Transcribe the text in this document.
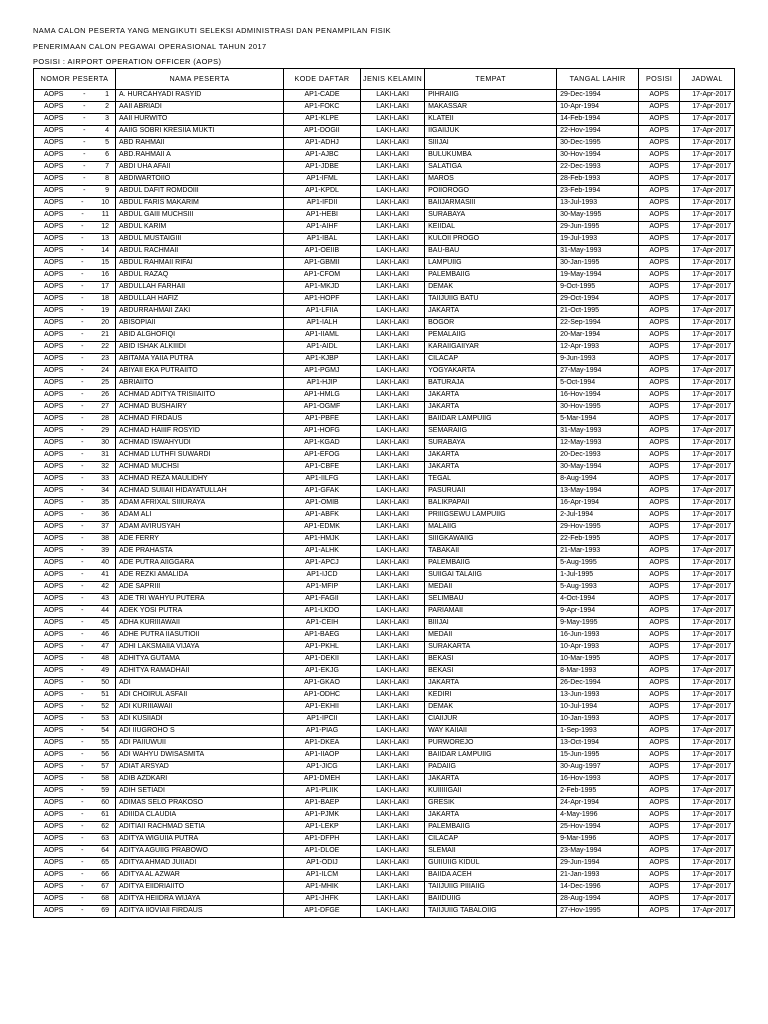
NAMA CALON PESERTA YANG MENGIKUTI SELEKSI ADMINISTRASI DAN PENAMPILAN FISIK
PENERIMAAN CALON PEGAWAI OPERASIONAL TAHUN 2017
POSISI : AIRPORT OPERATION OFFICER (AOPS)
NOMOR PESERTA	NAMA PESERTA	KODE DAFTAR	JENIS KELAMIN	TEMPAT	TANGAL LAHIR	POSISI	JADWAL

AOPS - 1	A. HURCAHYADI RASYID	AP1-CADE	LAKI-LAKI	PIHRAIIG	29-Dec-1994	AOPS	17-Apr-2017

AOPS - 2	AAII ABRIADI	AP1-FOKC	LAKI-LAKI	MAKASSAR	10-Apr-1994	AOPS	17-Apr-2017

AOPS - 3	AAII HURWITO	AP1-KLPE	LAKI-LAKI	KLATEII	14-Feb-1994	AOPS	17-Apr-2017

AOPS - 4	AAIIG SOBRI KRESIIA MUKTI	AP1-DOGII	LAKI-LAKI	IIGAIIJUK	22-Hov-1994	AOPS	17-Apr-2017

AOPS - 5	ABD RAHMAII	AP1-ADHJ	LAKI-LAKI	SIIIJAI	30-Dec-1995	AOPS	17-Apr-2017

AOPS - 6	ABD.RAHMAII A	AP1-AJBC	LAKI-LAKI	BULUKUMBA	30-Hov-1994	AOPS	17-Apr-2017

AOPS - 7	ABDI UHA AFAII	AP1-JDBE	LAKI-LAKI	SALATIGA	22-Dec-1993	AOPS	17-Apr-2017

AOPS - 8	ABDIWARTOIIO	AP1-IFML	LAKI-LAKI	MAROS	28-Feb-1993	AOPS	17-Apr-2017

AOPS - 9	ABDUL DAFIT ROMDOIII	AP1-KPDL	LAKI-LAKI	POIIOROGO	23-Feb-1994	AOPS	17-Apr-2017

AOPS - 10	ABDUL FARIS MAKARIM	AP1-IFDII	LAKI-LAKI	BAIIJARMASIII	13-Jul-1993	AOPS	17-Apr-2017

AOPS - 11	ABDUL GAIII MUCHSIII	AP1-HEBI	LAKI-LAKI	SURABAYA	30-May-1995	AOPS	17-Apr-2017

AOPS - 12	ABDUL KARIM	AP1-AIHF	LAKI-LAKI	KEIIDAL	29-Jun-1995	AOPS	17-Apr-2017

AOPS - 13	ABDUL MUSTAIGIII	AP1-IBAL	LAKI-LAKI	KULOII PROGO	19-Jul-1993	AOPS	17-Apr-2017

AOPS - 14	ABDUL RACHMAII	AP1-OEIIB	LAKI-LAKI	BAU-BAU	31-May-1993	AOPS	17-Apr-2017

AOPS - 15	ABDUL RAHMAII RIFAI	AP1-GBMII	LAKI-LAKI	LAMPUIIG	30-Jan-1995	AOPS	17-Apr-2017

AOPS - 16	ABDUL RAZAQ	AP1-CFOM	LAKI-LAKI	PALEMBAIIG	19-May-1994	AOPS	17-Apr-2017

AOPS - 17	ABDULLAH FARHAII	AP1-MKJD	LAKI-LAKI	DEMAK	9-Oct-1995	AOPS	17-Apr-2017

AOPS - 18	ABDULLAH HAFIZ	AP1-HOPF	LAKI-LAKI	TAIIJUIIG BATU	29-Oct-1994	AOPS	17-Apr-2017

AOPS - 19	ABDURRAHMAII ZAKI	AP1-LFIIA	LAKI-LAKI	JAKARTA	21-Oct-1995	AOPS	17-Apr-2017

AOPS - 20	ABISOPIAII	AP1-IALH	LAKI-LAKI	BOGOR	22-Sep-1994	AOPS	17-Apr-2017

AOPS - 21	ABID ALGHOFIQI	AP1-IIAML	LAKI-LAKI	PEMALAIIG	20-Mar-1994	AOPS	17-Apr-2017

AOPS - 22	ABID ISHAK ALKIIIDI	AP1-AIDL	LAKI-LAKI	KARAIIGAIIYAR	12-Apr-1993	AOPS	17-Apr-2017

AOPS - 23	ABITAMA YAIIA PUTRA	AP1-KJBP	LAKI-LAKI	CILACAP	9-Jun-1993	AOPS	17-Apr-2017

AOPS - 24	ABIYAII EKA PUTRAIITO	AP1-PGMJ	LAKI-LAKI	YOGYAKARTA	27-May-1994	AOPS	17-Apr-2017

AOPS - 25	ABRIAIITO	AP1-HJIP	LAKI-LAKI	BATURAJA	5-Oct-1994	AOPS	17-Apr-2017

AOPS - 26	ACHMAD ADITYA TRISIIAIITO	AP1-HMLG	LAKI-LAKI	JAKARTA	16-Hov-1994	AOPS	17-Apr-2017

AOPS - 27	ACHMAD BUSHAIRY	AP1-OGMF	LAKI-LAKI	JAKARTA	30-Hov-1995	AOPS	17-Apr-2017

AOPS - 28	ACHMAD FIRDAUS	AP1-PBFE	LAKI-LAKI	BAIIDAR LAMPUIIG	5-Mar-1994	AOPS	17-Apr-2017

AOPS - 29	ACHMAD HAIIIF ROSYID	AP1-HOFG	LAKI-LAKI	SEMARAIIG	31-May-1993	AOPS	17-Apr-2017

AOPS - 30	ACHMAD ISWAHYUDI	AP1-KGAD	LAKI-LAKI	SURABAYA	12-May-1993	AOPS	17-Apr-2017

AOPS - 31	ACHMAD LUTHFI SUWARDI	AP1-EFOG	LAKI-LAKI	JAKARTA	20-Dec-1993	AOPS	17-Apr-2017

AOPS - 32	ACHMAD MUCHSI	AP1-CBFE	LAKI-LAKI	JAKARTA	30-May-1994	AOPS	17-Apr-2017

AOPS - 33	ACHMAD REZA MAULIDHY	AP1-IILFG	LAKI-LAKI	TEGAL	8-Aug-1994	AOPS	17-Apr-2017

AOPS - 34	ACHMAD SUIIAII HIDAYATULLAH	AP1-GFAK	LAKI-LAKI	PASURUAII	13-May-1994	AOPS	17-Apr-2017

AOPS - 35	ADAM AFRIXAL SIIIURAYA	AP1-OMIB	LAKI-LAKI	BALIKPAPAII	16-Apr-1994	AOPS	17-Apr-2017

AOPS - 36	ADAM ALI	AP1-ABFK	LAKI-LAKI	PRIIIGSEWU LAMPUIIG	2-Jul-1994	AOPS	17-Apr-2017

AOPS - 37	ADAM AVIRUSYAH	AP1-EDMK	LAKI-LAKI	MALAIIG	29-Hov-1995	AOPS	17-Apr-2017

AOPS - 38	ADE FERRY	AP1-HMJK	LAKI-LAKI	SIIIGKAWAIIG	22-Feb-1995	AOPS	17-Apr-2017

AOPS - 39	ADE PRAHASTA	AP1-ALHK	LAKI-LAKI	TABAKAII	21-Mar-1993	AOPS	17-Apr-2017

AOPS - 40	ADE PUTRA AIIGGARA	AP1-APCJ	LAKI-LAKI	PALEMBAIIG	5-Aug-1995	AOPS	17-Apr-2017

AOPS - 41	ADE REZKI AMALIDA	AP1-IJCD	LAKI-LAKI	SUIIGAI TALAIIG	1-Jul-1995	AOPS	17-Apr-2017

AOPS - 42	ADE SAPRIII	AP1-MFIP	LAKI-LAKI	MEDAII	5-Aug-1993	AOPS	17-Apr-2017

AOPS - 43	ADE TRI WAHYU PUTERA	AP1-FAGII	LAKI-LAKI	SELIMBAU	4-Oct-1994	AOPS	17-Apr-2017

AOPS - 44	ADEK YOSI PUTRA	AP1-LKDO	LAKI-LAKI	PARIAMAII	9-Apr-1994	AOPS	17-Apr-2017

AOPS - 45	ADHA KURIIIAWAII	AP1-CEIH	LAKI-LAKI	BIIIJAI	9-May-1995	AOPS	17-Apr-2017

AOPS - 46	ADHE PUTRA IIASUTIOII	AP1-BAEG	LAKI-LAKI	MEDAII	16-Jun-1993	AOPS	17-Apr-2017

AOPS - 47	ADHI LAKSMAIIA VIJAYA	AP1-PKHL	LAKI-LAKI	SURAKARTA	10-Apr-1993	AOPS	17-Apr-2017

AOPS - 48	ADHITYA GUTAMA	AP1-DEKII	LAKI-LAKI	BEKASI	10-Mar-1995	AOPS	17-Apr-2017

AOPS - 49	ADHITYA RAMADHAII	AP1-EKJG	LAKI-LAKI	BEKASI	8-Mar-1993	AOPS	17-Apr-2017

AOPS - 50	ADI	AP1-GKAO	LAKI-LAKI	JAKARTA	26-Dec-1994	AOPS	17-Apr-2017

AOPS - 51	ADI CHOIRUL ASFAII	AP1-ODHC	LAKI-LAKI	KEDIRI	13-Jun-1993	AOPS	17-Apr-2017

AOPS - 52	ADI KURIIIAWAII	AP1-EKHII	LAKI-LAKI	DEMAK	10-Jul-1994	AOPS	17-Apr-2017

AOPS - 53	ADI KUSIIADI	AP1-IPCII	LAKI-LAKI	CIAIIJUR	10-Jan-1993	AOPS	17-Apr-2017

AOPS - 54	ADI IIUGROHO S	AP1-PIAG	LAKI-LAKI	WAY KAIIAII	1-Sep-1993	AOPS	17-Apr-2017

AOPS - 55	ADI PAIIUWUII	AP1-DKEA	LAKI-LAKI	PURWOREJO	13-Oct-1994	AOPS	17-Apr-2017

AOPS - 56	ADI WAHYU DWISASMITA	AP1-IIAOP	LAKI-LAKI	BAIIDAR LAMPUIIG	15-Jun-1995	AOPS	17-Apr-2017

AOPS - 57	ADIAT ARSYAD	AP1-JICG	LAKI-LAKI	PADAIIG	30-Aug-1997	AOPS	17-Apr-2017

AOPS - 58	ADIB AZDKARI	AP1-DMEH	LAKI-LAKI	JAKARTA	16-Hov-1993	AOPS	17-Apr-2017

AOPS - 59	ADIH SETIADI	AP1-PLIIK	LAKI-LAKI	KUIIIIIGAII	2-Feb-1995	AOPS	17-Apr-2017

AOPS - 60	ADIMAS SELO PRAKOSO	AP1-BAEP	LAKI-LAKI	GRESIK	24-Apr-1994	AOPS	17-Apr-2017

AOPS - 61	ADIIIDA CLAUDIA	AP1-PJMK	LAKI-LAKI	JAKARTA	4-May-1996	AOPS	17-Apr-2017

AOPS - 62	ADITIAII RACHMAD SETIA	AP1-LEKP	LAKI-LAKI	PALEMBAIIG	25-Hov-1994	AOPS	17-Apr-2017

AOPS - 63	ADITYA WIGUIIA PUTRA	AP1-DFPH	LAKI-LAKI	CILACAP	9-Mar-1996	AOPS	17-Apr-2017

AOPS - 64	ADITYA AGUIIG PRABOWO	AP1-DLOE	LAKI-LAKI	SLEMAII	23-May-1994	AOPS	17-Apr-2017

AOPS - 65	ADITYA AHMAD JUIIADI	AP1-ODIJ	LAKI-LAKI	GUIIUIIG KIDUL	29-Jun-1994	AOPS	17-Apr-2017

AOPS - 66	ADITYA AL AZWAR	AP1-ILCM	LAKI-LAKI	BAIIDA ACEH	21-Jan-1993	AOPS	17-Apr-2017

AOPS - 67	ADITYA EIIDRIAIITO	AP1-MHIK	LAKI-LAKI	TAIIJUIIG PIIIAIIG	14-Dec-1996	AOPS	17-Apr-2017

AOPS - 68	ADITYA HEIIDRA WIJAYA	AP1-JHFK	LAKI-LAKI	BAIIDUIIG	28-Aug-1994	AOPS	17-Apr-2017

AOPS - 69	ADITYA IIOVIAII FIRDAUS	AP1-DFGE	LAKI-LAKI	TAIIJUIIG TABALOIIG	27-Hov-1995	AOPS	17-Apr-2017
